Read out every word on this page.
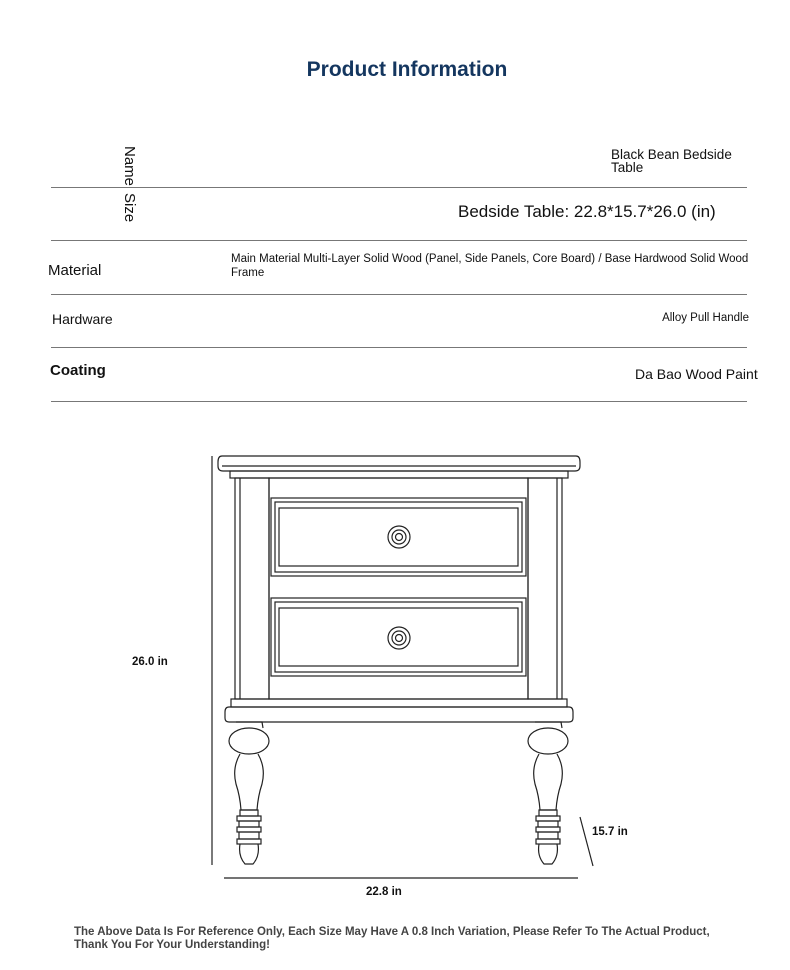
Product Information
NameSize
Black Bean Bedside Table
Bedside Table: 22.8*15.7*26.0 (in)
Material
Main Material Multi-Layer Solid Wood (Panel, Side Panels, Core Board) / Base Hardwood Solid Wood Frame
Hardware	Alloy Pull Handle
Coating	Da Bao Wood Paint
26.0 in
15.7 in
22.8 in
The Above Data Is For Reference Only, Each Size May Have A 0.8 Inch Variation, Please Refer To The Actual Product, Thank You For Your Understanding!
